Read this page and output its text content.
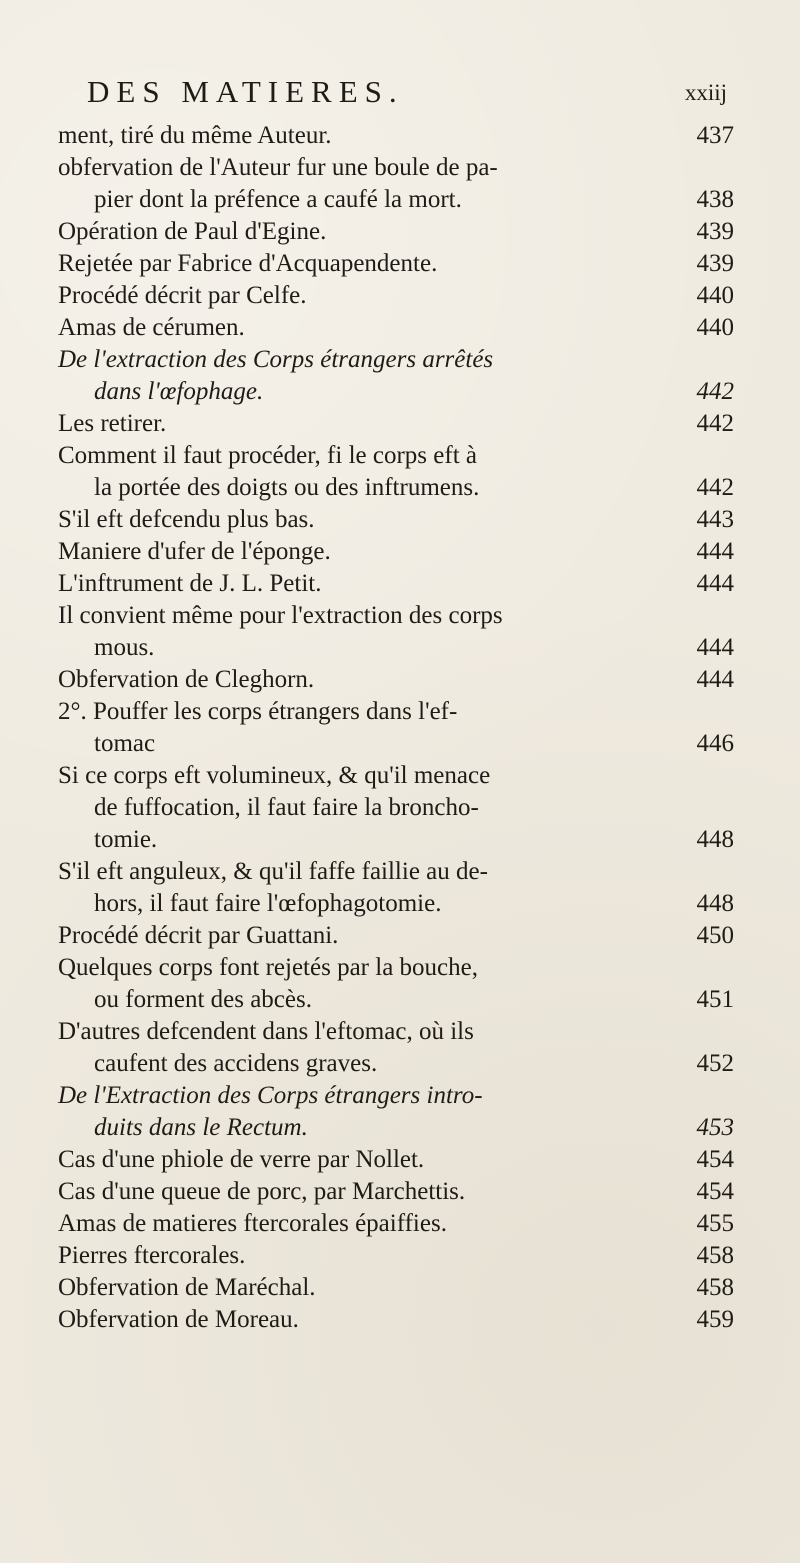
DES MATIERES.	xxiij
ment, tiré du même Auteur.	437
obfervation de l'Auteur fur une boule de pa-
pier dont la préfence a caufé la mort.	438
Opération de Paul d'Egine.	439
Rejetée par Fabrice d'Acquapendente.	439
Procédé décrit par Celfe.	440
Amas de cérumen.	440
De l'extraction des Corps étrangers arrêtés
dans l'œfophage.	442
Les retirer.	442
Comment il faut procéder, fi le corps eft à
la portée des doigts ou des inftrumens.	442
S'il eft defcendu plus bas.	443
Maniere d'ufer de l'éponge.	444
L'inftrument de J. L. Petit.	444
Il convient même pour l'extraction des corps
mous.	444
Obfervation de Cleghorn.	444
2°. Pouffer les corps étrangers dans l'ef-
tomac	446
Si ce corps eft volumineux, & qu'il menace
de fuffocation, il faut faire la broncho-
tomie.	448
S'il eft anguleux, & qu'il faffe faillie au de-
hors, il faut faire l'œfophagotomie.	448
Procédé décrit par Guattani.	450
Quelques corps font rejetés par la bouche,
ou forment des abcès.	451
D'autres defcendent dans l'eftomac, où ils
caufent des accidens graves.	452
De l'Extraction des Corps étrangers intro-
duits dans le Rectum.	453
Cas d'une phiole de verre par Nollet.	454
Cas d'une queue de porc, par Marchettis.	454
Amas de matieres ftercorales épaiffies.	455
Pierres ftercorales.	458
Obfervation de Maréchal.	458
Obfervation de Moreau.	459
